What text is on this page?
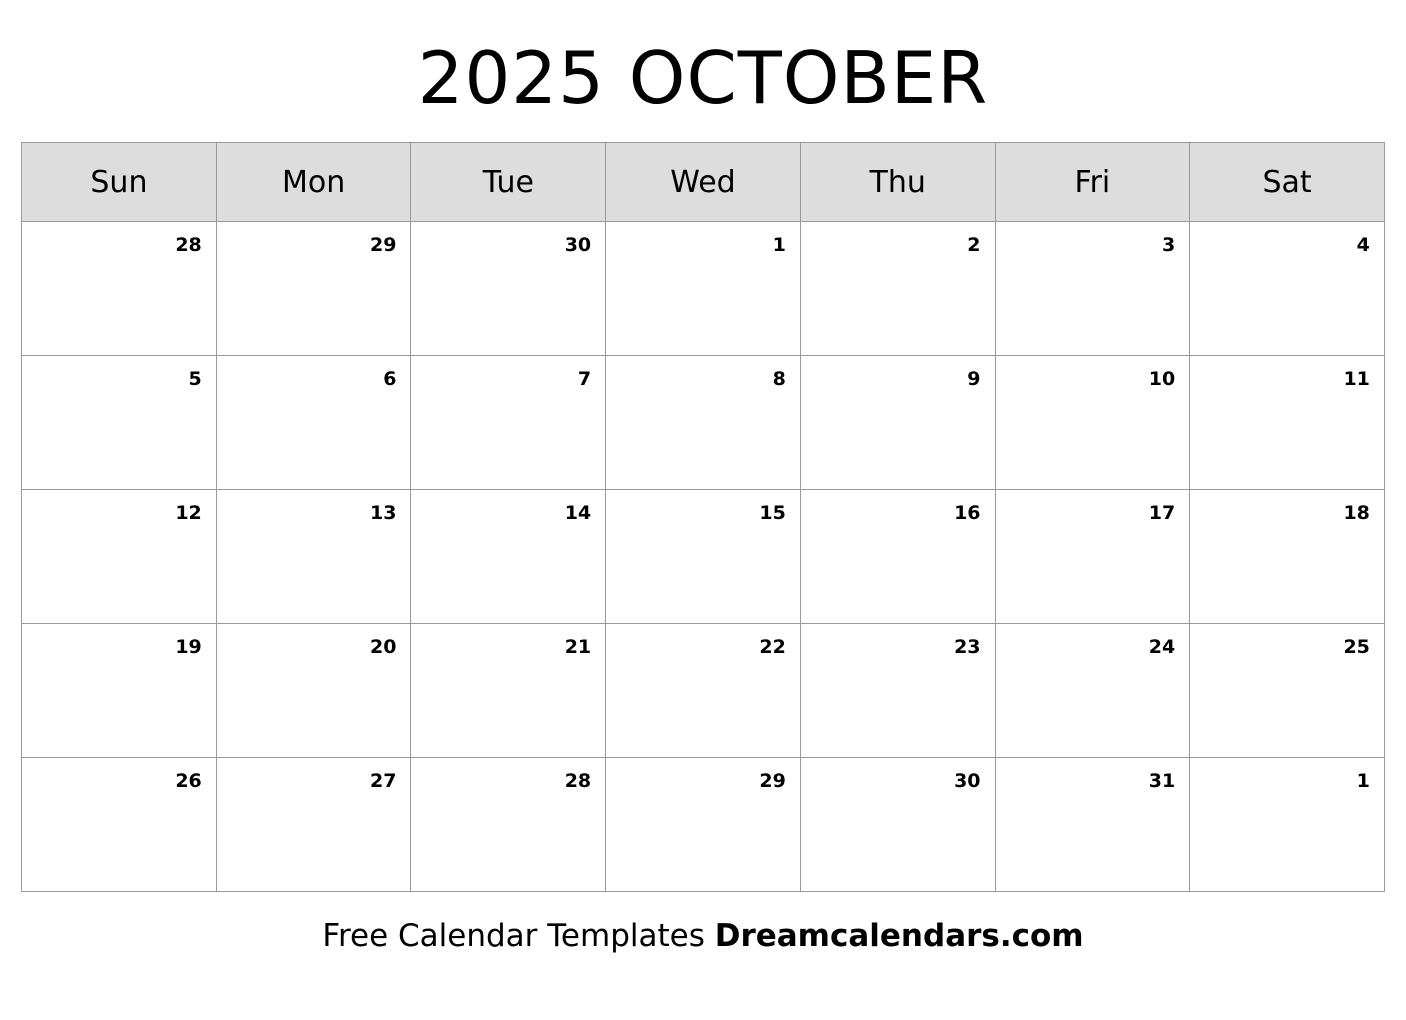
2025 OCTOBER
Sun	Mon	Tue	Wed	Thu	Fri	Sat

28	29	30	1	2	3	4

5	6	7	8	9	10	11

12	13	14	15	16	17	18

19	20	21	22	23	24	25

26	27	28	29	30	31	1
Free Calendar Templates Dreamcalendars.com
